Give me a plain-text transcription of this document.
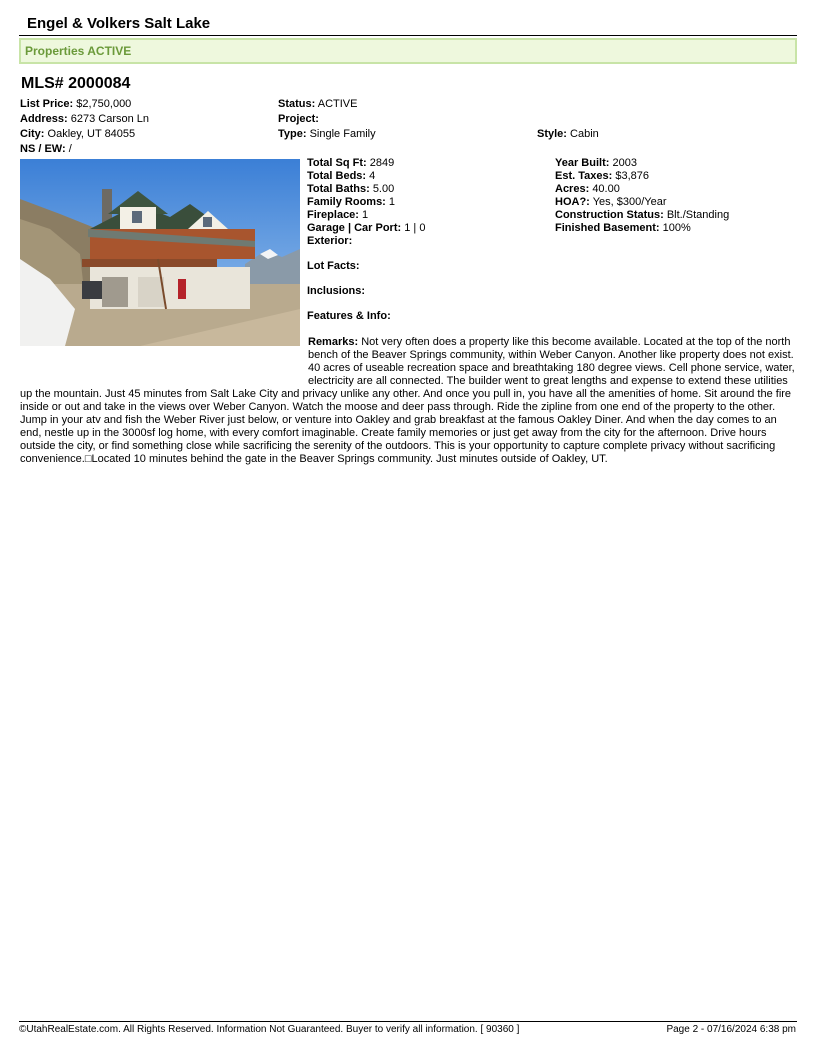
Engel & Volkers Salt Lake
Properties ACTIVE
MLS# 2000084
List Price: $2,750,000
Address: 6273 Carson Ln
City: Oakley, UT 84055
NS / EW: /
Status: ACTIVE
Project:
Type: Single Family	Style: Cabin
Total Sq Ft: 2849
Total Beds: 4
Total Baths: 5.00
Family Rooms: 1
Fireplace: 1
Garage | Car Port: 1 | 0
Exterior:
Year Built: 2003
Est. Taxes: $3,876
Acres: 40.00
HOA?: Yes, $300/Year
Construction Status: Blt./Standing
Finished Basement: 100%
Lot Facts:
Inclusions:
Features & Info:
Remarks: Not very often does a property like this become available. Located at the top of the north bench of the Beaver Springs community, within Weber Canyon. Another like property does not exist. 40 acres of useable recreation space and breathtaking 180 degree views. Cell phone service, water, electricity are all connected. The builder went to great lengths and expense to extend these utilities up the mountain. Just 45 minutes from Salt Lake City and privacy unlike any other. And once you pull in, you have all the amenities of home. Sit around the fire inside or out and take in the views over Weber Canyon. Watch the moose and deer pass through. Ride the zipline from one end of the property to the other. Jump in your atv and fish the Weber River just below, or venture into Oakley and grab breakfast at the famous Oakley Diner. And when the day comes to an end, nestle up in the 3000sf log home, with every comfort imaginable. Create family memories or just get away from the city for the afternoon. Drive hours outside the city, or find something close while sacrificing the serenity of the outdoors. This is your opportunity to capture complete privacy without sacrificing convenience.□Located 10 minutes behind the gate in the Beaver Springs community. Just minutes outside of Oakley, UT.
©UtahRealEstate.com. All Rights Reserved. Information Not Guaranteed. Buyer to verify all information. [ 90360 ]	Page 2 - 07/16/2024 6:38 pm
